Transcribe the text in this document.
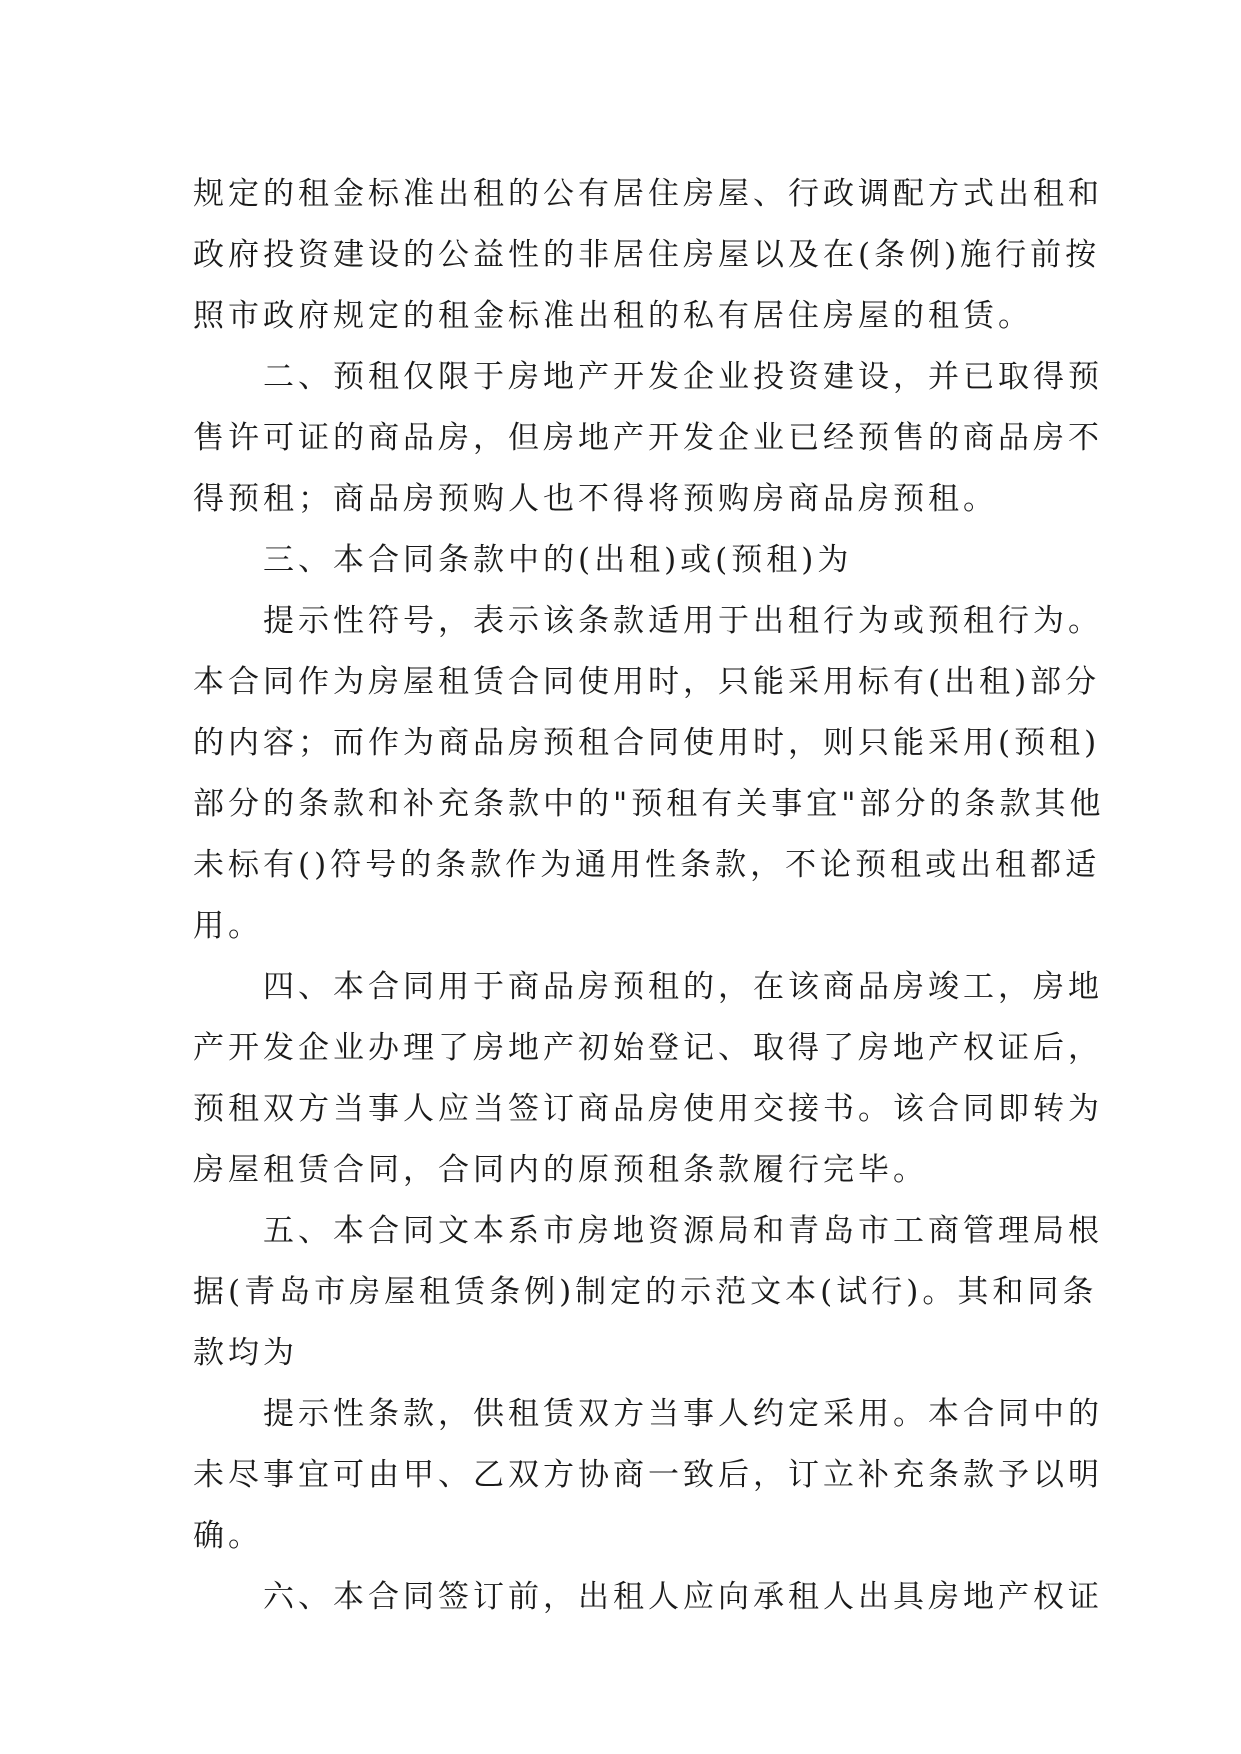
规定的租金标准出租的公有居住房屋、行政调配方式出租和

政府投资建设的公益性的非居住房屋以及在(条例)施行前按

照市政府规定的租金标准出租的私有居住房屋的租赁。

二、预租仅限于房地产开发企业投资建设，并已取得预

售许可证的商品房，但房地产开发企业已经预售的商品房不

得预租；商品房预购人也不得将预购房商品房预租。

三、本合同条款中的(出租)或(预租)为

提示性符号，表示该条款适用于出租行为或预租行为。

本合同作为房屋租赁合同使用时，只能采用标有(出租)部分

的内容；而作为商品房预租合同使用时，则只能采用(预租)

部分的条款和补充条款中的"预租有关事宜"部分的条款其他

未标有()符号的条款作为通用性条款，不论预租或出租都适

用。

四、本合同用于商品房预租的，在该商品房竣工，房地

产开发企业办理了房地产初始登记、取得了房地产权证后，

预租双方当事人应当签订商品房使用交接书。该合同即转为

房屋租赁合同，合同内的原预租条款履行完毕。

五、本合同文本系市房地资源局和青岛市工商管理局根

据(青岛市房屋租赁条例)制定的示范文本(试行)。其和同条

款均为

提示性条款，供租赁双方当事人约定采用。本合同中的

未尽事宜可由甲、乙双方协商一致后，订立补充条款予以明

确。

六、本合同签订前，出租人应向承租人出具房地产权证
